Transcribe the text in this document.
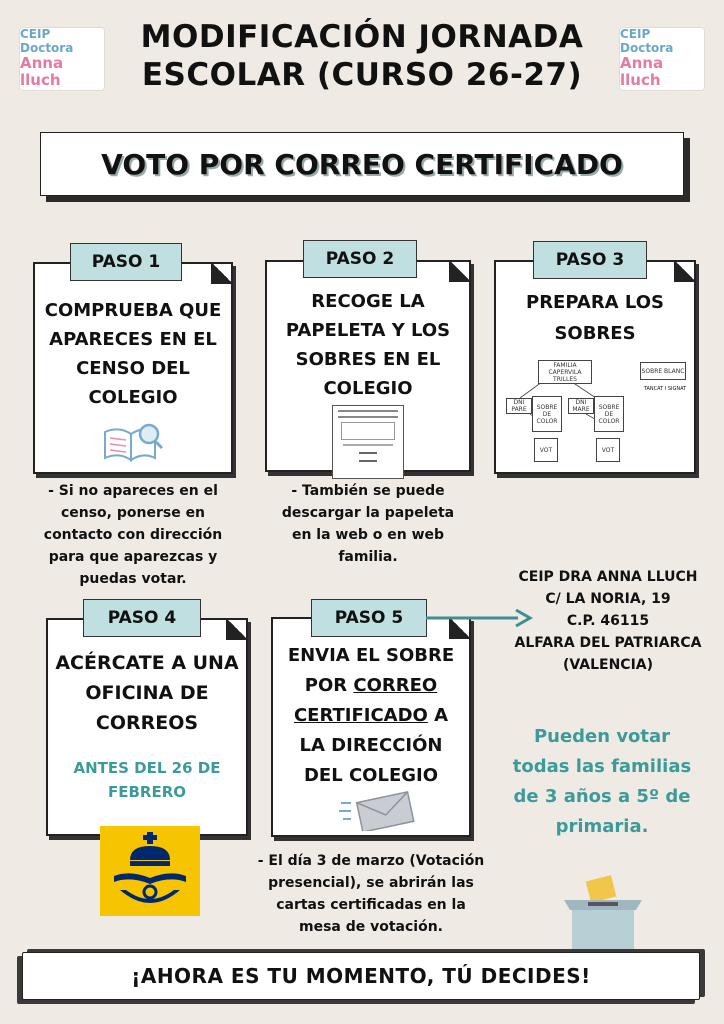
CEIP Doctora
Anna lluch
CEIP Doctora
Anna lluch
MODIFICACIÓN JORNADA
ESCOLAR (CURSO 26-27)
VOTO POR CORREO CERTIFICADO
COMPRUEBA QUE
APARECES EN EL
CENSO DEL
COLEGIO
PASO 1
- Si no apareces en el
censo, ponerse en
contacto con dirección
para que aparezcas y
puedas votar.
RECOGE LA
PAPELETA Y LOS
SOBRES EN EL
COLEGIO
PASO 2
- También se puede
descargar la papeleta
en la web o en web
familia.
PREPARA LOS
SOBRES
FAMILIA
CAPERVILA TRILLES
SOBRE BLANC
TANCAT I SIGNAT
DNI PARE	SOBRE
DE
COLOR
DNI MARE	SOBRE
DE
COLOR
VOT	VOT
PASO 3
ACÉRCATE A UNA
OFICINA DE
CORREOS
ANTES DEL 26 DE
FEBRERO
PASO 4
ENVIA EL SOBRE
POR CORREO
CERTIFICADO A
LA DIRECCIÓN
DEL COLEGIO
PASO 5
- El día 3 de marzo (Votación
presencial), se abrirán las
cartas certificadas en la
mesa de votación.
CEIP DRA ANNA LLUCH
C/ LA NORIA, 19
C.P. 46115
ALFARA DEL PATRIARCA
(VALENCIA)
Pueden votar
todas las familias
de 3 años a 5º de
primaria.
¡AHORA ES TU MOMENTO, TÚ DECIDES!
